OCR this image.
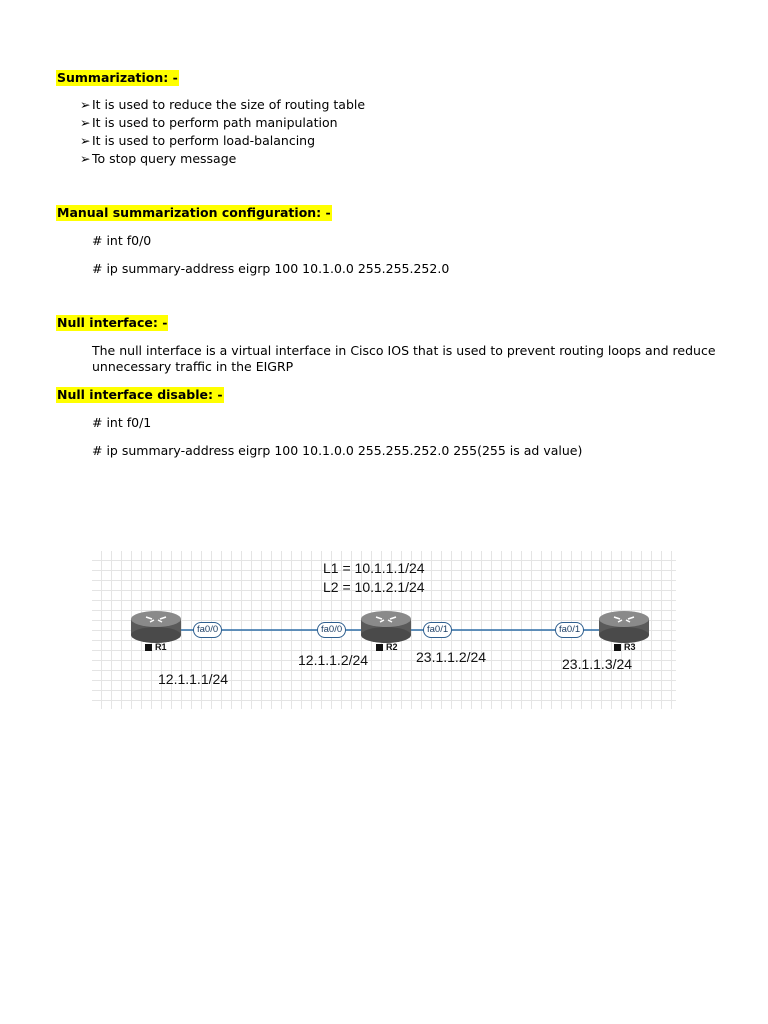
Summarization: -
➢ It is used to reduce the size of routing table
➢ It is used to perform path manipulation
➢ It is used to perform load-balancing
➢ To stop query message
Manual summarization configuration: -
# int f0/0
# ip summary-address eigrp 100 10.1.0.0 255.255.252.0
Null interface: -
The null interface is a virtual interface in Cisco IOS that is used to prevent routing loops and reduce
unnecessary traffic in the EIGRP
Null interface disable: -
# int f0/1
# ip summary-address eigrp 100 10.1.0.0 255.255.252.0 255(255 is ad value)
L1 = 10.1.1.1/24
L2 = 10.1.2.1/24
R1	R2	R3
fa0/0	fa0/0	fa0/1	fa0/1
12.1.1.1/24
12.1.1.2/24	23.1.1.2/24	23.1.1.3/24
